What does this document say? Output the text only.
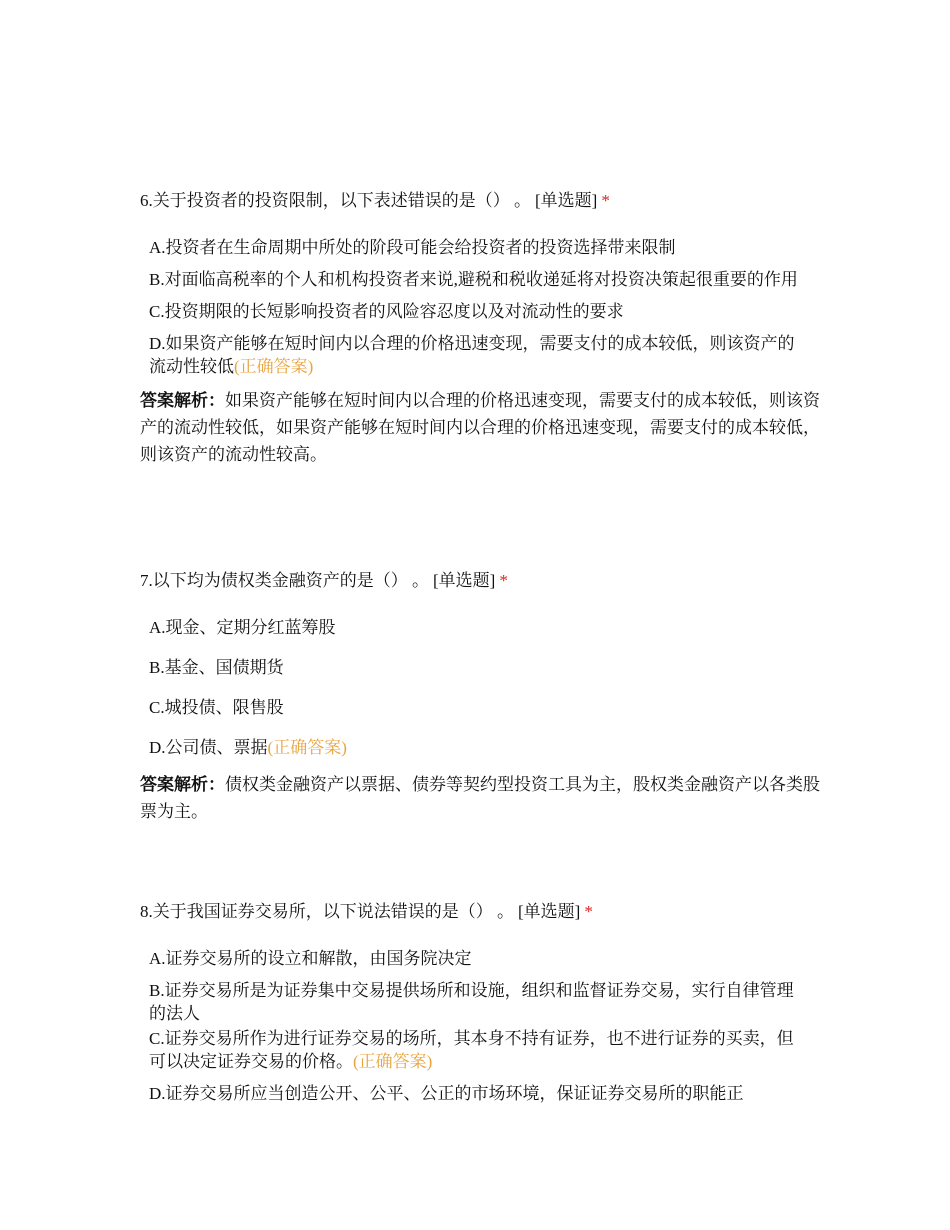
6.关于投资者的投资限制，以下表述错误的是（） 。 [单选题] *
A.投资者在生命周期中所处的阶段可能会给投资者的投资选择带来限制
B.对面临高税率的个人和机构投资者来说,避税和税收递延将对投资决策起很重要的作用
C.投资期限的长短影响投资者的风险容忍度以及对流动性的要求
D.如果资产能够在短时间内以合理的价格迅速变现，需要支付的成本较低，则该资产的流动性较低(正确答案)
答案解析：如果资产能够在短时间内以合理的价格迅速变现，需要支付的成本较低，则该资产的流动性较低，如果资产能够在短时间内以合理的价格迅速变现，需要支付的成本较低，则该资产的流动性较高。
7.以下均为债权类金融资产的是（） 。 [单选题] *
A.现金、定期分红蓝筹股
B.基金、国债期货
C.城投债、限售股
D.公司债、票据(正确答案)
答案解析：债权类金融资产以票据、债券等契约型投资工具为主，股权类金融资产以各类股票为主。
8.关于我国证券交易所，以下说法错误的是（） 。 [单选题] *
A.证券交易所的设立和解散，由国务院决定
B.证券交易所是为证券集中交易提供场所和设施，组织和监督证券交易，实行自律管理的法人
C.证券交易所作为进行证券交易的场所，其本身不持有证券，也不进行证券的买卖，但可以决定证券交易的价格。(正确答案)
D.证券交易所应当创造公开、公平、公正的市场环境，保证证券交易所的职能正
